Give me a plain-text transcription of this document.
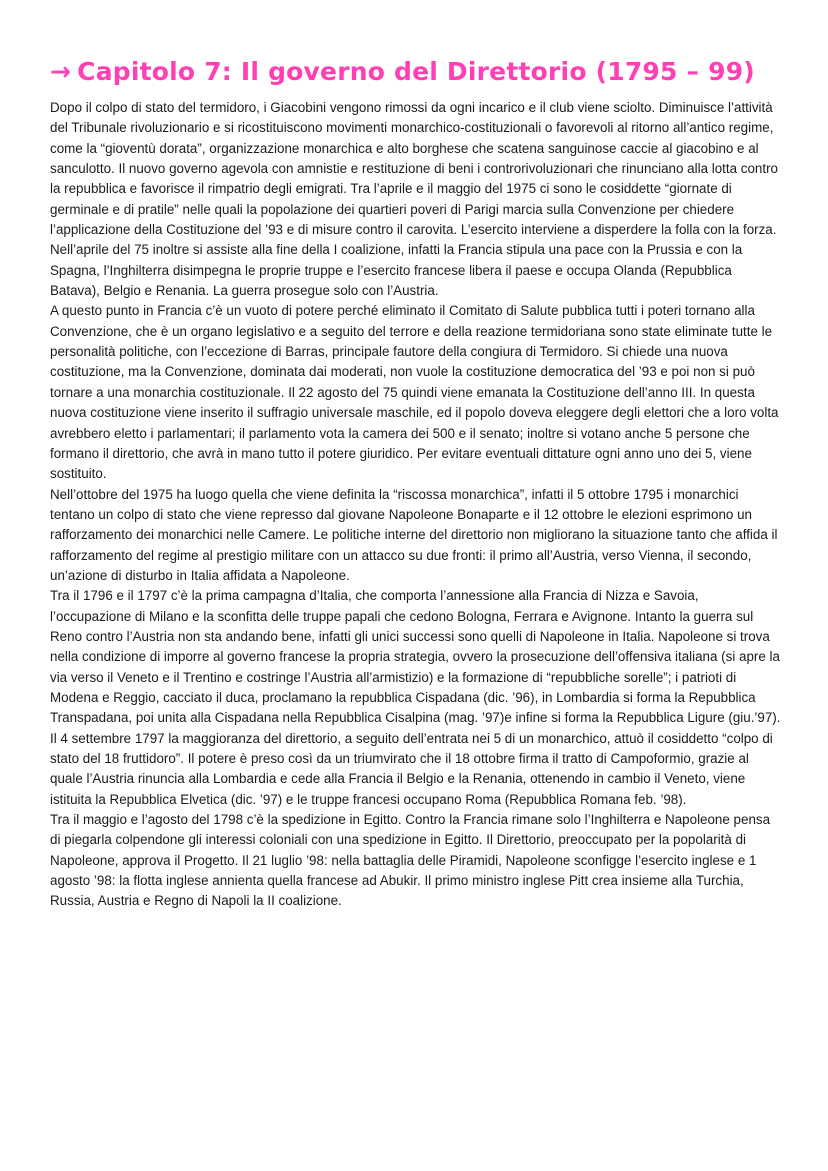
→ Capitolo 7: Il governo del Direttorio (1795 – 99)

Dopo il colpo di stato del termidoro, i Giacobini vengono rimossi da ogni incarico e il club viene sciolto. Diminuisce l’attività del Tribunale rivoluzionario e si ricostituiscono movimenti monarchico-costituzionali o favorevoli al ritorno all’antico regime, come la “gioventù dorata”, organizzazione monarchica e alto borghese che scatena sanguinose caccie al giacobino e al sanculotto. Il nuovo governo agevola con amnistie e restituzione di beni i controrivoluzionari che rinunciano alla lotta contro la repubblica e favorisce il rimpatrio degli emigrati. Tra l’aprile e il maggio del 1975 ci sono le cosiddette “giornate di germinale e di pratile” nelle quali la popolazione dei quartieri poveri di Parigi marcia sulla Convenzione per chiedere l’applicazione della Costituzione del ’93 e di misure contro il carovita. L’esercito interviene a disperdere la folla con la forza. Nell’aprile del 75 inoltre si assiste alla fine della I coalizione, infatti la Francia stipula una pace con la Prussia e con la Spagna, l’Inghilterra disimpegna le proprie truppe e l’esercito francese libera il paese e occupa Olanda (Repubblica Batava), Belgio e Renania. La guerra prosegue solo con l’Austria.

A questo punto in Francia c’è un vuoto di potere perché eliminato il Comitato di Salute pubblica tutti i poteri tornano alla Convenzione, che è un organo legislativo e a seguito del terrore e della reazione termidoriana sono state eliminate tutte le personalità politiche, con l’eccezione di Barras, principale fautore della congiura di Termidoro. Si chiede una nuova costituzione, ma la Convenzione, dominata dai moderati, non vuole la costituzione democratica del ’93 e poi non si può tornare a una monarchia costituzionale. Il 22 agosto del 75 quindi viene emanata la Costituzione dell’anno III. In questa nuova costituzione viene inserito il suffragio universale maschile, ed il popolo doveva eleggere degli elettori che a loro volta avrebbero eletto i parlamentari; il parlamento vota la camera dei 500 e il senato; inoltre si votano anche 5 persone che formano il direttorio, che avrà in mano tutto il potere giuridico. Per evitare eventuali dittature ogni anno uno dei 5, viene sostituito.

Nell’ottobre del 1975 ha luogo quella che viene definita la “riscossa monarchica”, infatti il 5 ottobre 1795 i monarchici tentano un colpo di stato che viene represso dal giovane Napoleone Bonaparte e il 12 ottobre le elezioni esprimono un rafforzamento dei monarchici nelle Camere. Le politiche interne del direttorio non migliorano la situazione tanto che affida il rafforzamento del regime al prestigio militare con un attacco su due fronti: il primo all’Austria, verso Vienna, il secondo, un’azione di disturbo in Italia affidata a Napoleone.

Tra il 1796 e il 1797 c’è la prima campagna d’Italia, che comporta l’annessione alla Francia di Nizza e Savoia, l’occupazione di Milano e la sconfitta delle truppe papali che cedono Bologna, Ferrara e Avignone. Intanto la guerra sul Reno contro l’Austria non sta andando bene, infatti gli unici successi sono quelli di Napoleone in Italia. Napoleone si trova nella condizione di imporre al governo francese la propria strategia, ovvero la prosecuzione dell’offensiva italiana (si apre la via verso il Veneto e il Trentino e costringe l’Austria all’armistizio) e la formazione di “repubbliche sorelle”; i patrioti di Modena e Reggio, cacciato il duca, proclamano la repubblica Cispadana (dic. ’96), in Lombardia si forma la Repubblica Transpadana, poi unita alla Cispadana nella Repubblica Cisalpina (mag. ’97)e infine si forma la Repubblica Ligure (giu.’97).

Il 4 settembre 1797 la maggioranza del direttorio, a seguito dell’entrata nei 5 di un monarchico, attuò il cosiddetto “colpo di stato del 18 fruttidoro”. Il potere è preso così da un triumvirato che il 18 ottobre firma il tratto di Campoformio, grazie al quale l’Austria rinuncia alla Lombardia e cede alla Francia il Belgio e la Renania, ottenendo in cambio il Veneto, viene istituita la Repubblica Elvetica (dic. ’97) e le truppe francesi occupano Roma (Repubblica Romana feb. ’98).

Tra il maggio e l’agosto del 1798 c’è la spedizione in Egitto. Contro la Francia rimane solo l’Inghilterra e Napoleone pensa di piegarla colpendone gli interessi coloniali con una spedizione in Egitto. Il Direttorio, preoccupato per la popolarità di Napoleone, approva il Progetto. Il 21 luglio ’98: nella battaglia delle Piramidi, Napoleone sconfigge l’esercito inglese e 1 agosto ’98: la flotta inglese annienta quella francese ad Abukir. Il primo ministro inglese Pitt crea insieme alla Turchia, Russia, Austria e Regno di Napoli la II coalizione.
